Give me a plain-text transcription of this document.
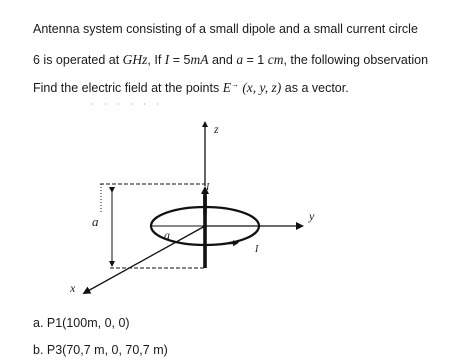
Antenna system consisting of a small dipole and a small current circle
6 is operated at GHz, If I = 5mA and a = 1 cm, the following observation
Find the electric field at the points E→ (x, y, z) as a vector.
z
y
x
I
I
a
a
a. P1(100m, 0, 0)
b. P3(70,7 m, 0, 70,7 m)
